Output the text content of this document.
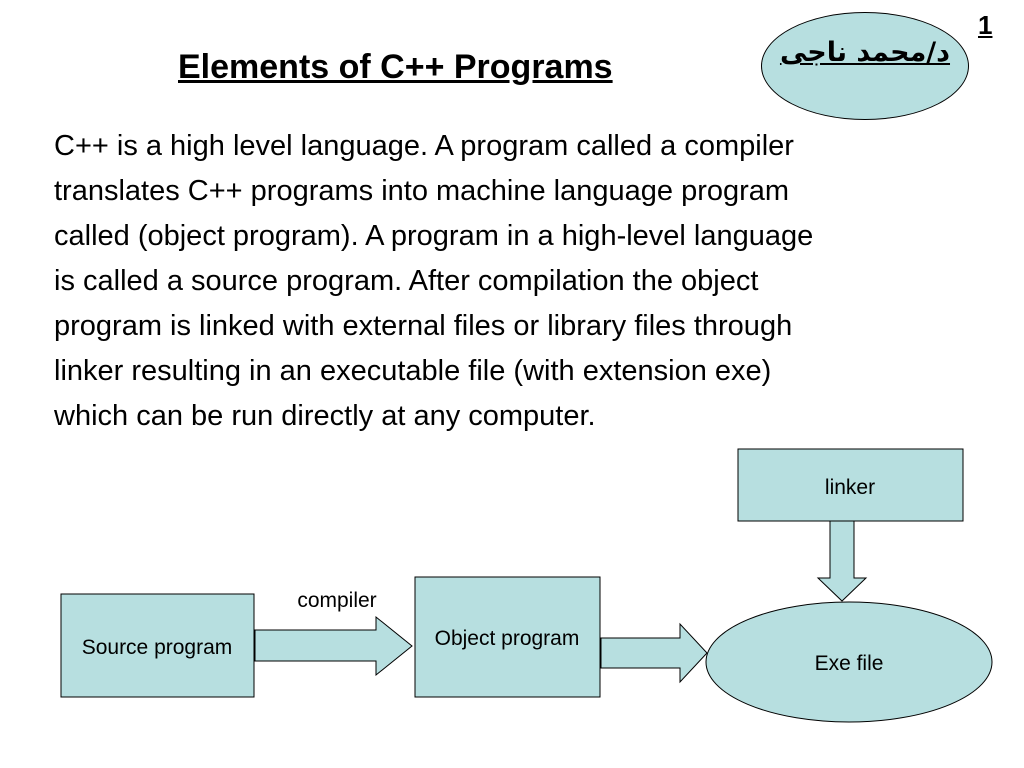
1
د/محمد ناجى
Elements of C++ Programs

C++ is a high level language. A program called a compiler
translates C++ programs into machine language program
called (object program). A program in a high-level language
is called a source program. After compilation the object
program is linked with external files or library files through
linker resulting in an executable file (with extension exe)
which can be run directly at any computer.

linker
Source program
compiler
Object program
Exe file
